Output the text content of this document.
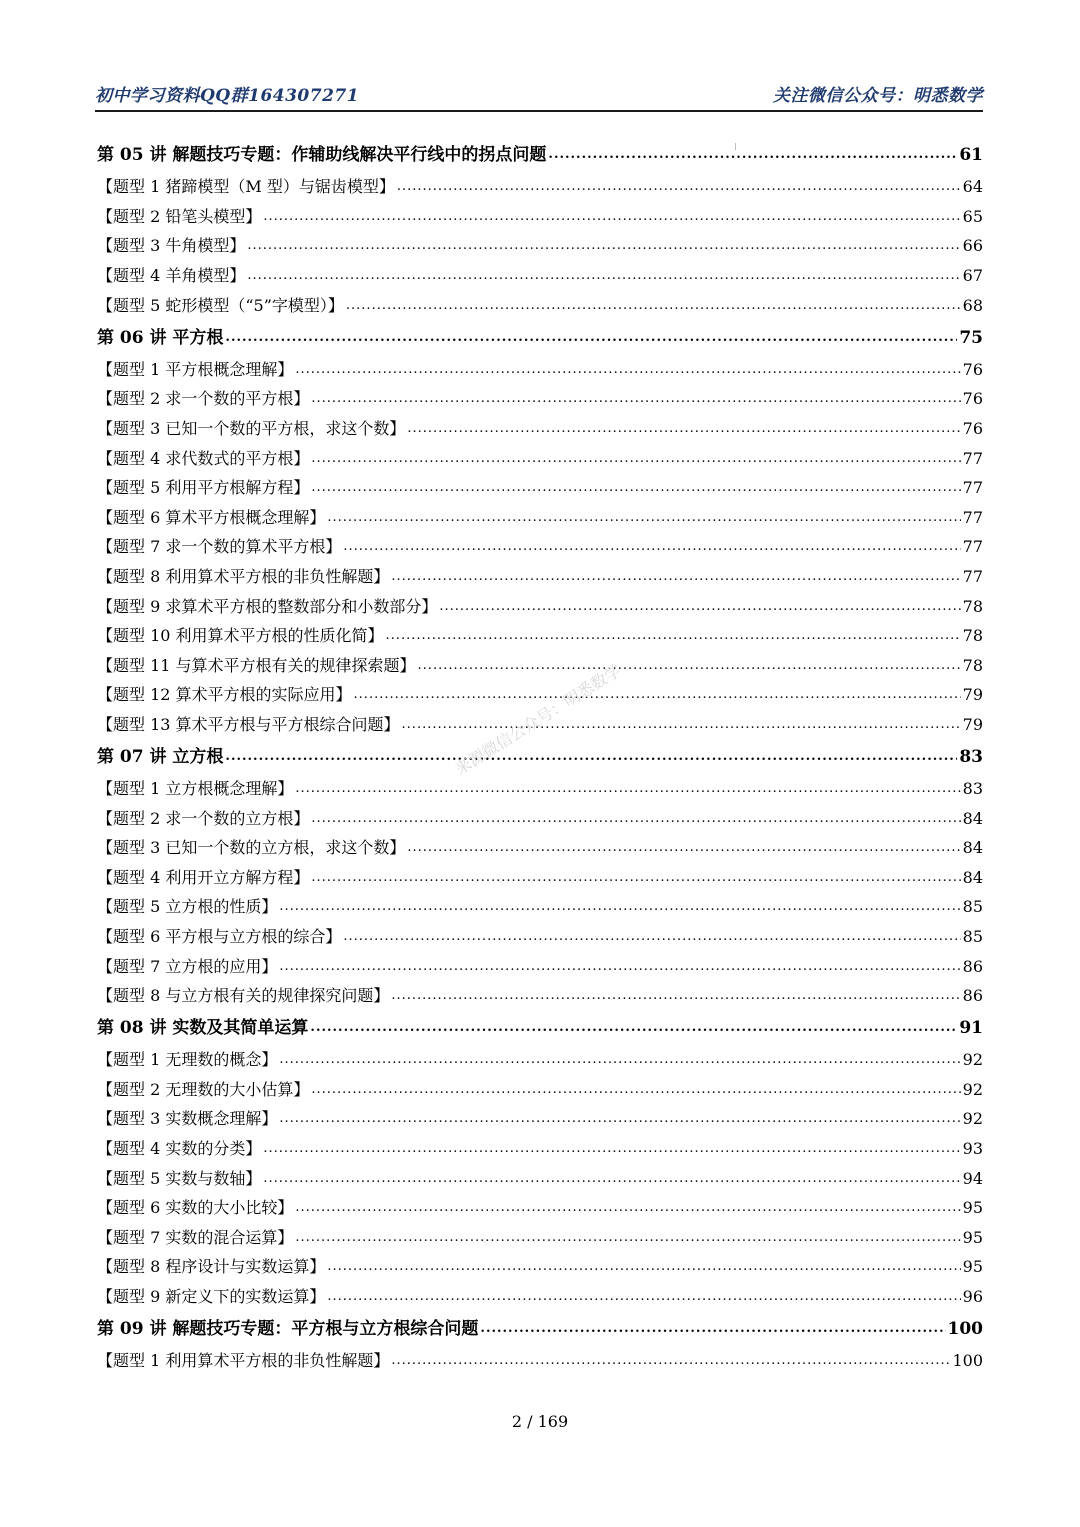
初中学习资料QQ群164307271	关注微信公众号：明悉数学
第 05 讲 解题技巧专题：作辅助线解决平行线中的拐点问题 .....	61
【题型 1 猪蹄模型（M 型）与锯齿模型】 .....	64
【题型 2 铅笔头模型】 .....	65
【题型 3 牛角模型】 .....	66
【题型 4 羊角模型】 .....	67
【题型 5 蛇形模型（“5”字模型）】 .....	68
第 06 讲 平方根 .....	75
【题型 1 平方根概念理解】 .....	76
【题型 2 求一个数的平方根】 .....	76
【题型 3 已知一个数的平方根，求这个数】 .....	76
【题型 4 求代数式的平方根】 .....	77
【题型 5 利用平方根解方程】 .....	77
【题型 6 算术平方根概念理解】 .....	77
【题型 7 求一个数的算术平方根】 .....	77
【题型 8 利用算术平方根的非负性解题】 .....	77
【题型 9 求算术平方根的整数部分和小数部分】 .....	78
【题型 10 利用算术平方根的性质化简】 .....	78
【题型 11 与算术平方根有关的规律探索题】 .....	78
【题型 12 算术平方根的实际应用】 .....	79
【题型 13 算术平方根与平方根综合问题】 .....	79
第 07 讲 立方根 .....	83
【题型 1 立方根概念理解】 .....	83
【题型 2 求一个数的立方根】 .....	84
【题型 3 已知一个数的立方根，求这个数】 .....	84
【题型 4 利用开立方解方程】 .....	84
【题型 5 立方根的性质】 .....	85
【题型 6 平方根与立方根的综合】 .....	85
【题型 7 立方根的应用】 .....	86
【题型 8 与立方根有关的规律探究问题】 .....	86
第 08 讲 实数及其简单运算 .....	91
【题型 1 无理数的概念】 .....	92
【题型 2 无理数的大小估算】 .....	92
【题型 3 实数概念理解】 .....	92
【题型 4 实数的分类】 .....	93
【题型 5 实数与数轴】 .....	94
【题型 6 实数的大小比较】 .....	95
【题型 7 实数的混合运算】 .....	95
【题型 8 程序设计与实数运算】 .....	95
【题型 9 新定义下的实数运算】 .....	96
第 09 讲 解题技巧专题：平方根与立方根综合问题 .....	100
【题型 1 利用算术平方根的非负性解题】 .....	100
来源微信公众号：明悉数学
2 / 169
